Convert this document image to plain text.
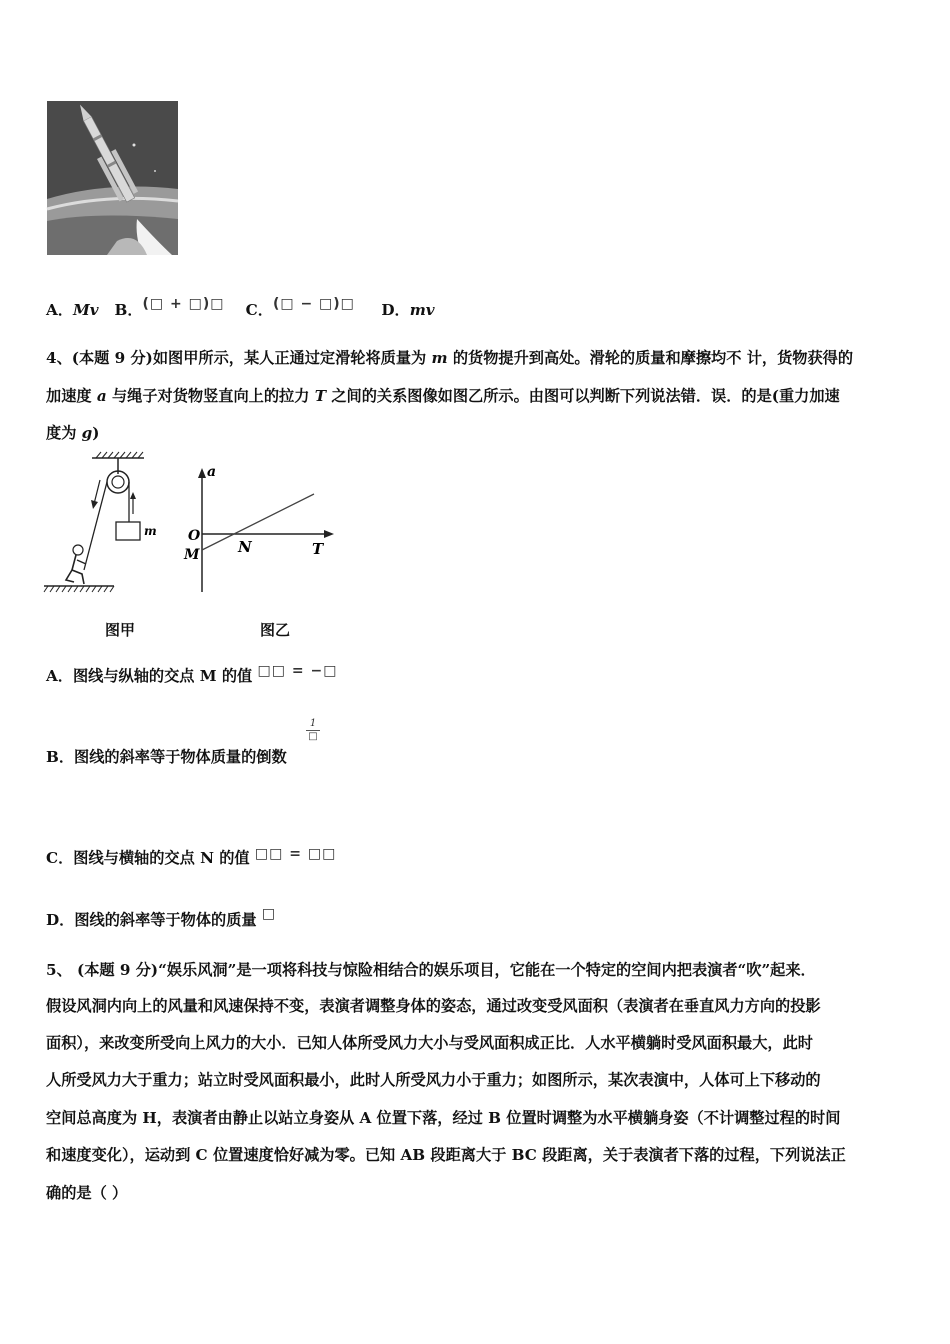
A．Mv B．(□ + □)□ C．(□ − □)□ D．mv
4、(本题 9 分)如图甲所示，某人正通过定滑轮将质量为 m 的货物提升到高处。滑轮的质量和摩擦均不 计，货物获得的
加速度 a 与绳子对货物竖直向上的拉力 T 之间的关系图像如图乙所示。由图可以判断下列说法错．误．的是(重力加速
度为 g)
m
a
T
O
M	N
图甲	图乙
A．图线与纵轴的交点 M 的值 □□ = −□
1
□
B．图线的斜率等于物体质量的倒数
C．图线与横轴的交点 N 的值 □□ = □□
D．图线的斜率等于物体的质量 □
5、 (本题 9 分)“娱乐风洞”是一项将科技与惊险相结合的娱乐项目，它能在一个特定的空间内把表演者“吹”起来．
假设风洞内向上的风量和风速保持不变，表演者调整身体的姿态，通过改变受风面积（表演者在垂直风力方向的投影
面积），来改变所受向上风力的大小．已知人体所受风力大小与受风面积成正比．人水平横躺时受风面积最大，此时
人所受风力大于重力；站立时受风面积最小，此时人所受风力小于重力；如图所示，某次表演中，人体可上下移动的
空间总高度为 H，表演者由静止以站立身姿从 A 位置下落，经过 B 位置时调整为水平横躺身姿（不计调整过程的时间
和速度变化），运动到 C 位置速度恰好减为零。已知 AB 段距离大于 BC 段距离，关于表演者下落的过程，下列说法正
确的是（ ）
